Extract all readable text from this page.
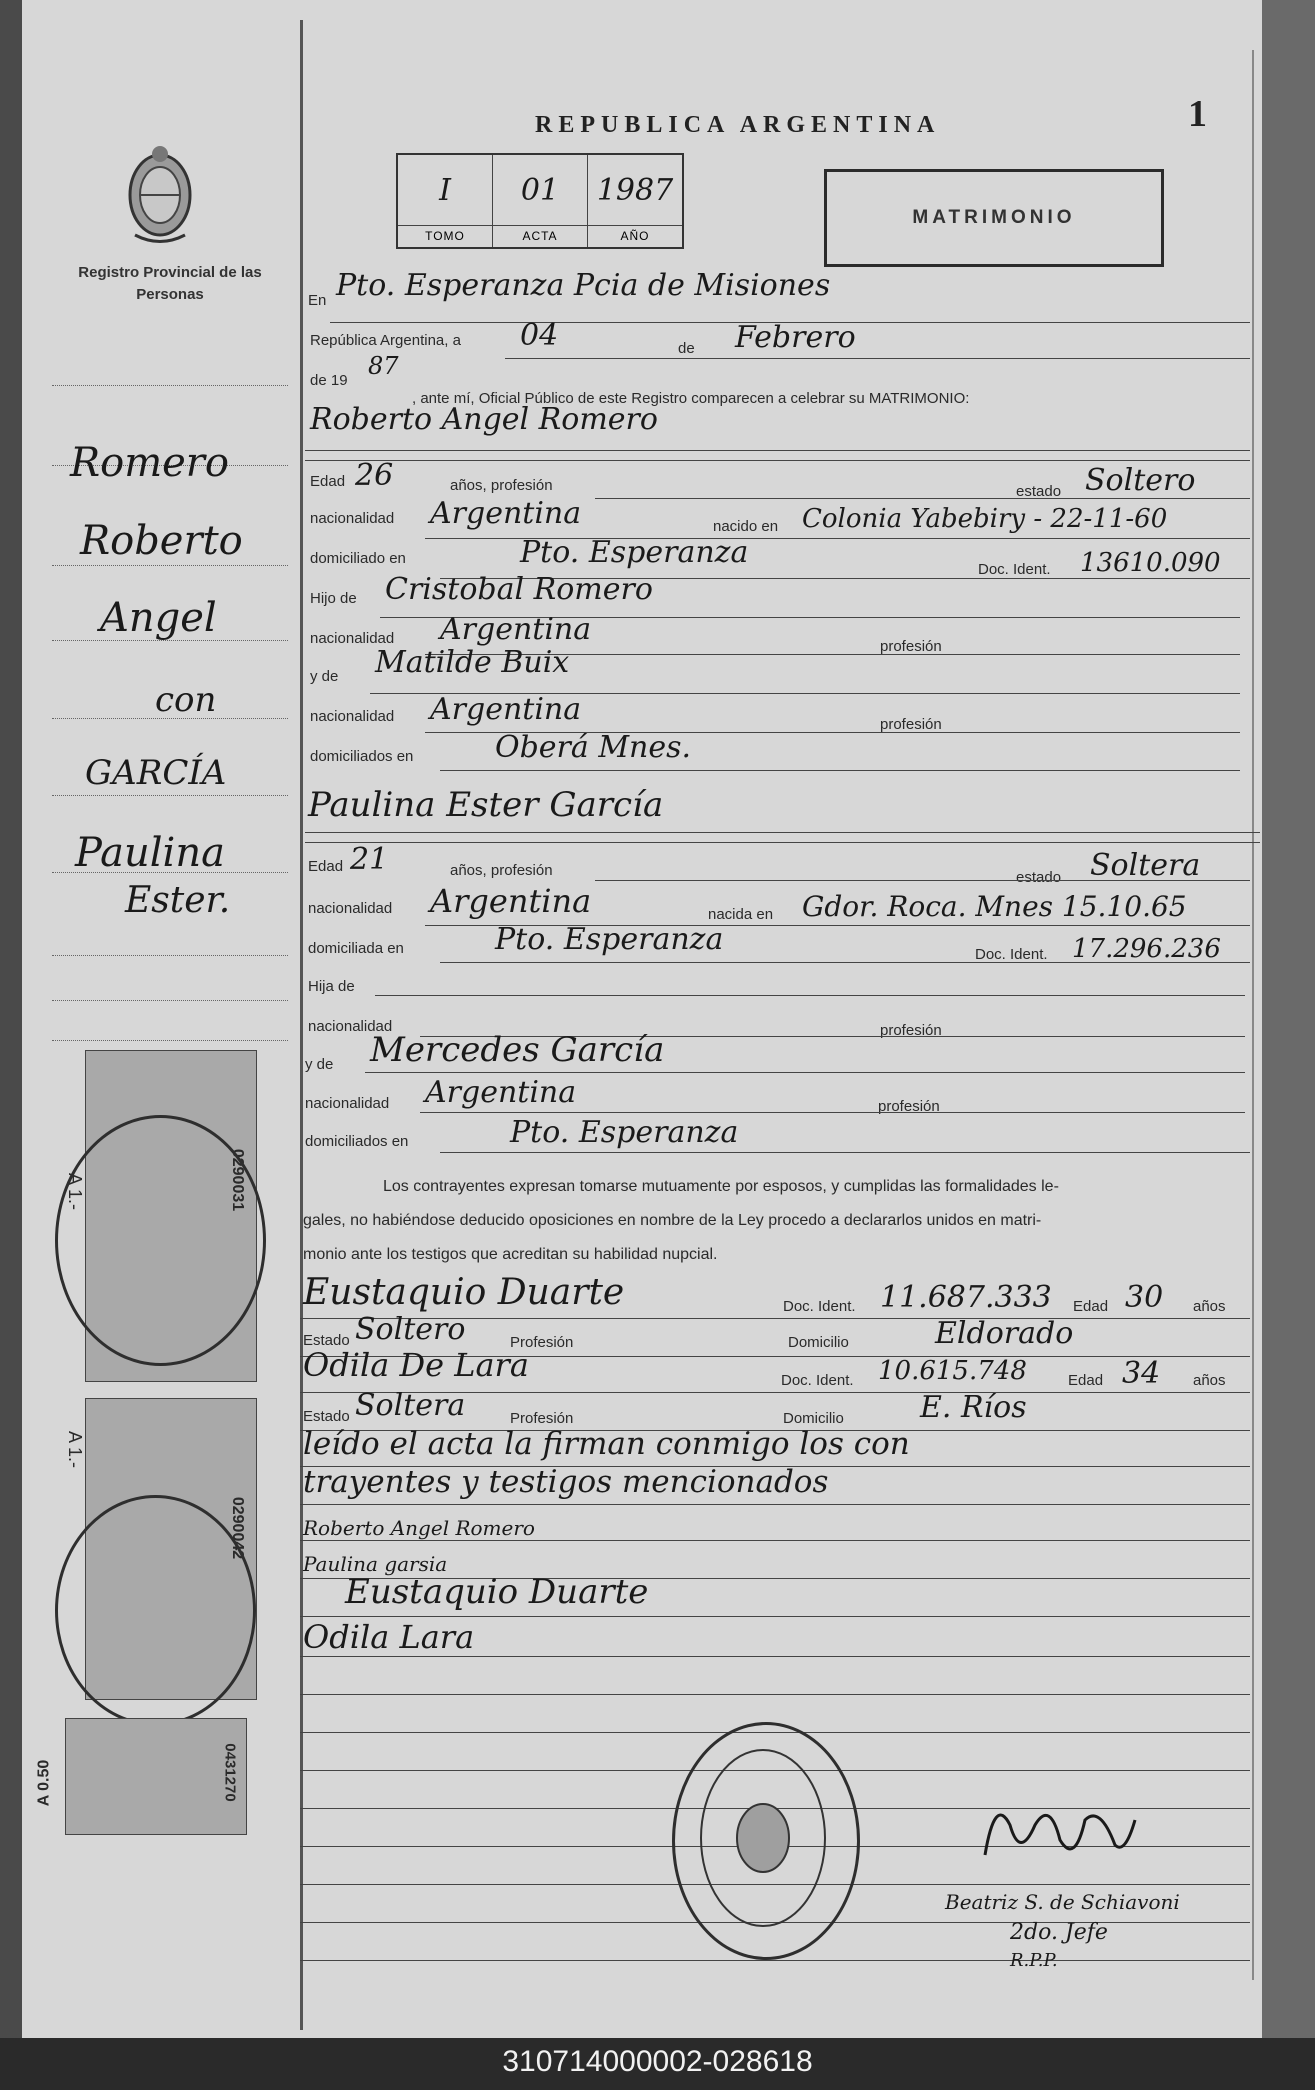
REPUBLICA ARGENTINA	1
I
TOMO
01
ACTA
1987
AÑO
MATRIMONIO
Registro Provincial de las Personas
Romero
Roberto
Angel
con
GARCÍA
Paulina
Ester.
En Pto. Esperanza Pcia de Misiones
República Argentina, a 04	de Febrero
de 19
87
, ante mí, Oficial Público de este Registro comparecen a celebrar su MATRIMONIO:
Roberto Angel Romero
Edad 26	años, profesión	estado Soltero
nacionalidad Argentina	nacido en Colonia Yabebiry - 22-11-60
domiciliado en	Pto. Esperanza	Doc. Ident. 13610.090
Hijo de Cristobal Romero
nacionalidad Argentina	profesión
y de Matilde Buix
nacionalidad Argentina	profesión
domiciliados en	Oberá Mnes.
Paulina Ester García
Edad 21	años, profesión	estado Soltera
nacionalidad Argentina	nacida en Gdor. Roca. Mnes 15.10.65
domiciliada en	Pto. Esperanza	Doc. Ident. 17.296.236
Hija de
nacionalidad	profesión
y de Mercedes García
nacionalidad Argentina	profesión
domiciliados en	Pto. Esperanza
Los contrayentes expresan tomarse mutuamente por esposos, y cumplidas las formalidades le-
gales, no habiéndose deducido oposiciones en nombre de la Ley procedo a declararlos unidos en matri-
monio ante los testigos que acreditan su habilidad nupcial.
Eustaquio Duarte	Doc. Ident. 11.687.333 Edad 30 años
Estado Soltero	Profesión	Domicilio	Eldorado
Odila De Lara	Doc. Ident. 10.615.748	Edad 34 años
Estado Soltera	Profesión	Domicilio	E. Ríos
leído el acta la firman conmigo los con
trayentes y testigos mencionados
Roberto Angel Romero
Paulina garsia
Eustaquio Duarte
Odila Lara
Beatriz S. de Schiavoni
2do. Jefe
R.P.P.
A 1.-	0290031
A 1.-
0290042
A 0.50	0431270
310714000002-028618
